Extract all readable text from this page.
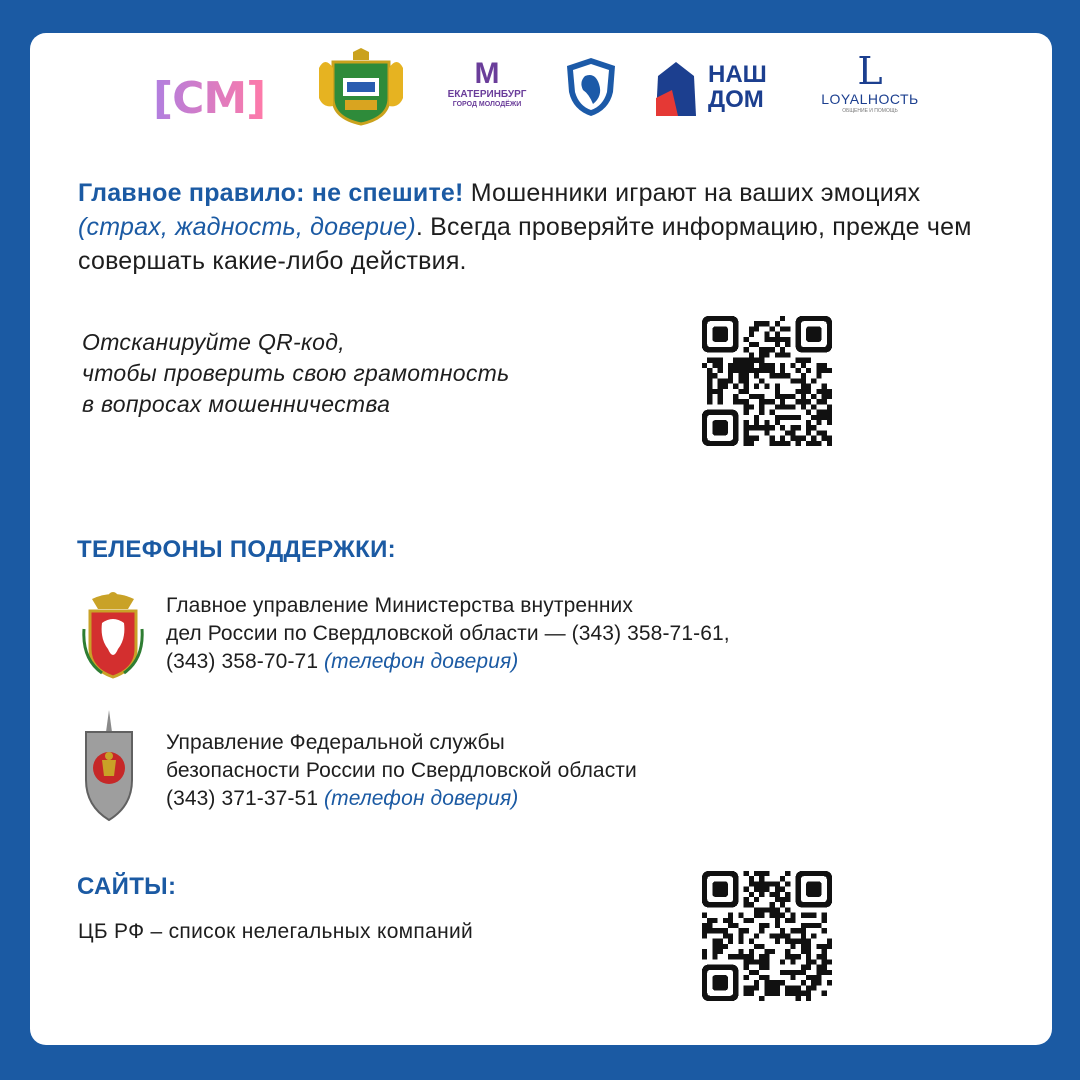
[СМ]	М
ЕКАТЕРИНБУРГ
ГОРОД МОЛОДЁЖИ
НАШ
ДОМ
L
LOYALНОСТЬ
ОБЩЕНИЕ И ПОМОЩЬ
Главное правило: не спешите! Мошенники играют на ваших эмоциях (страх, жадность, доверие). Всегда проверяйте информацию, прежде чем совершать какие-либо действия.
Отсканируйте QR-код,
чтобы проверить свою грамотность
в вопросах мошенничества
ТЕЛЕФОНЫ ПОДДЕРЖКИ:
Главное управление Министерства внутренних
дел России по Свердловской области — (343) 358-71-61,
(343) 358-70-71 (телефон доверия)
Управление Федеральной службы
безопасности России по Свердловской области
(343) 371-37-51 (телефон доверия)
САЙТЫ:
ЦБ РФ – список нелегальных компаний
